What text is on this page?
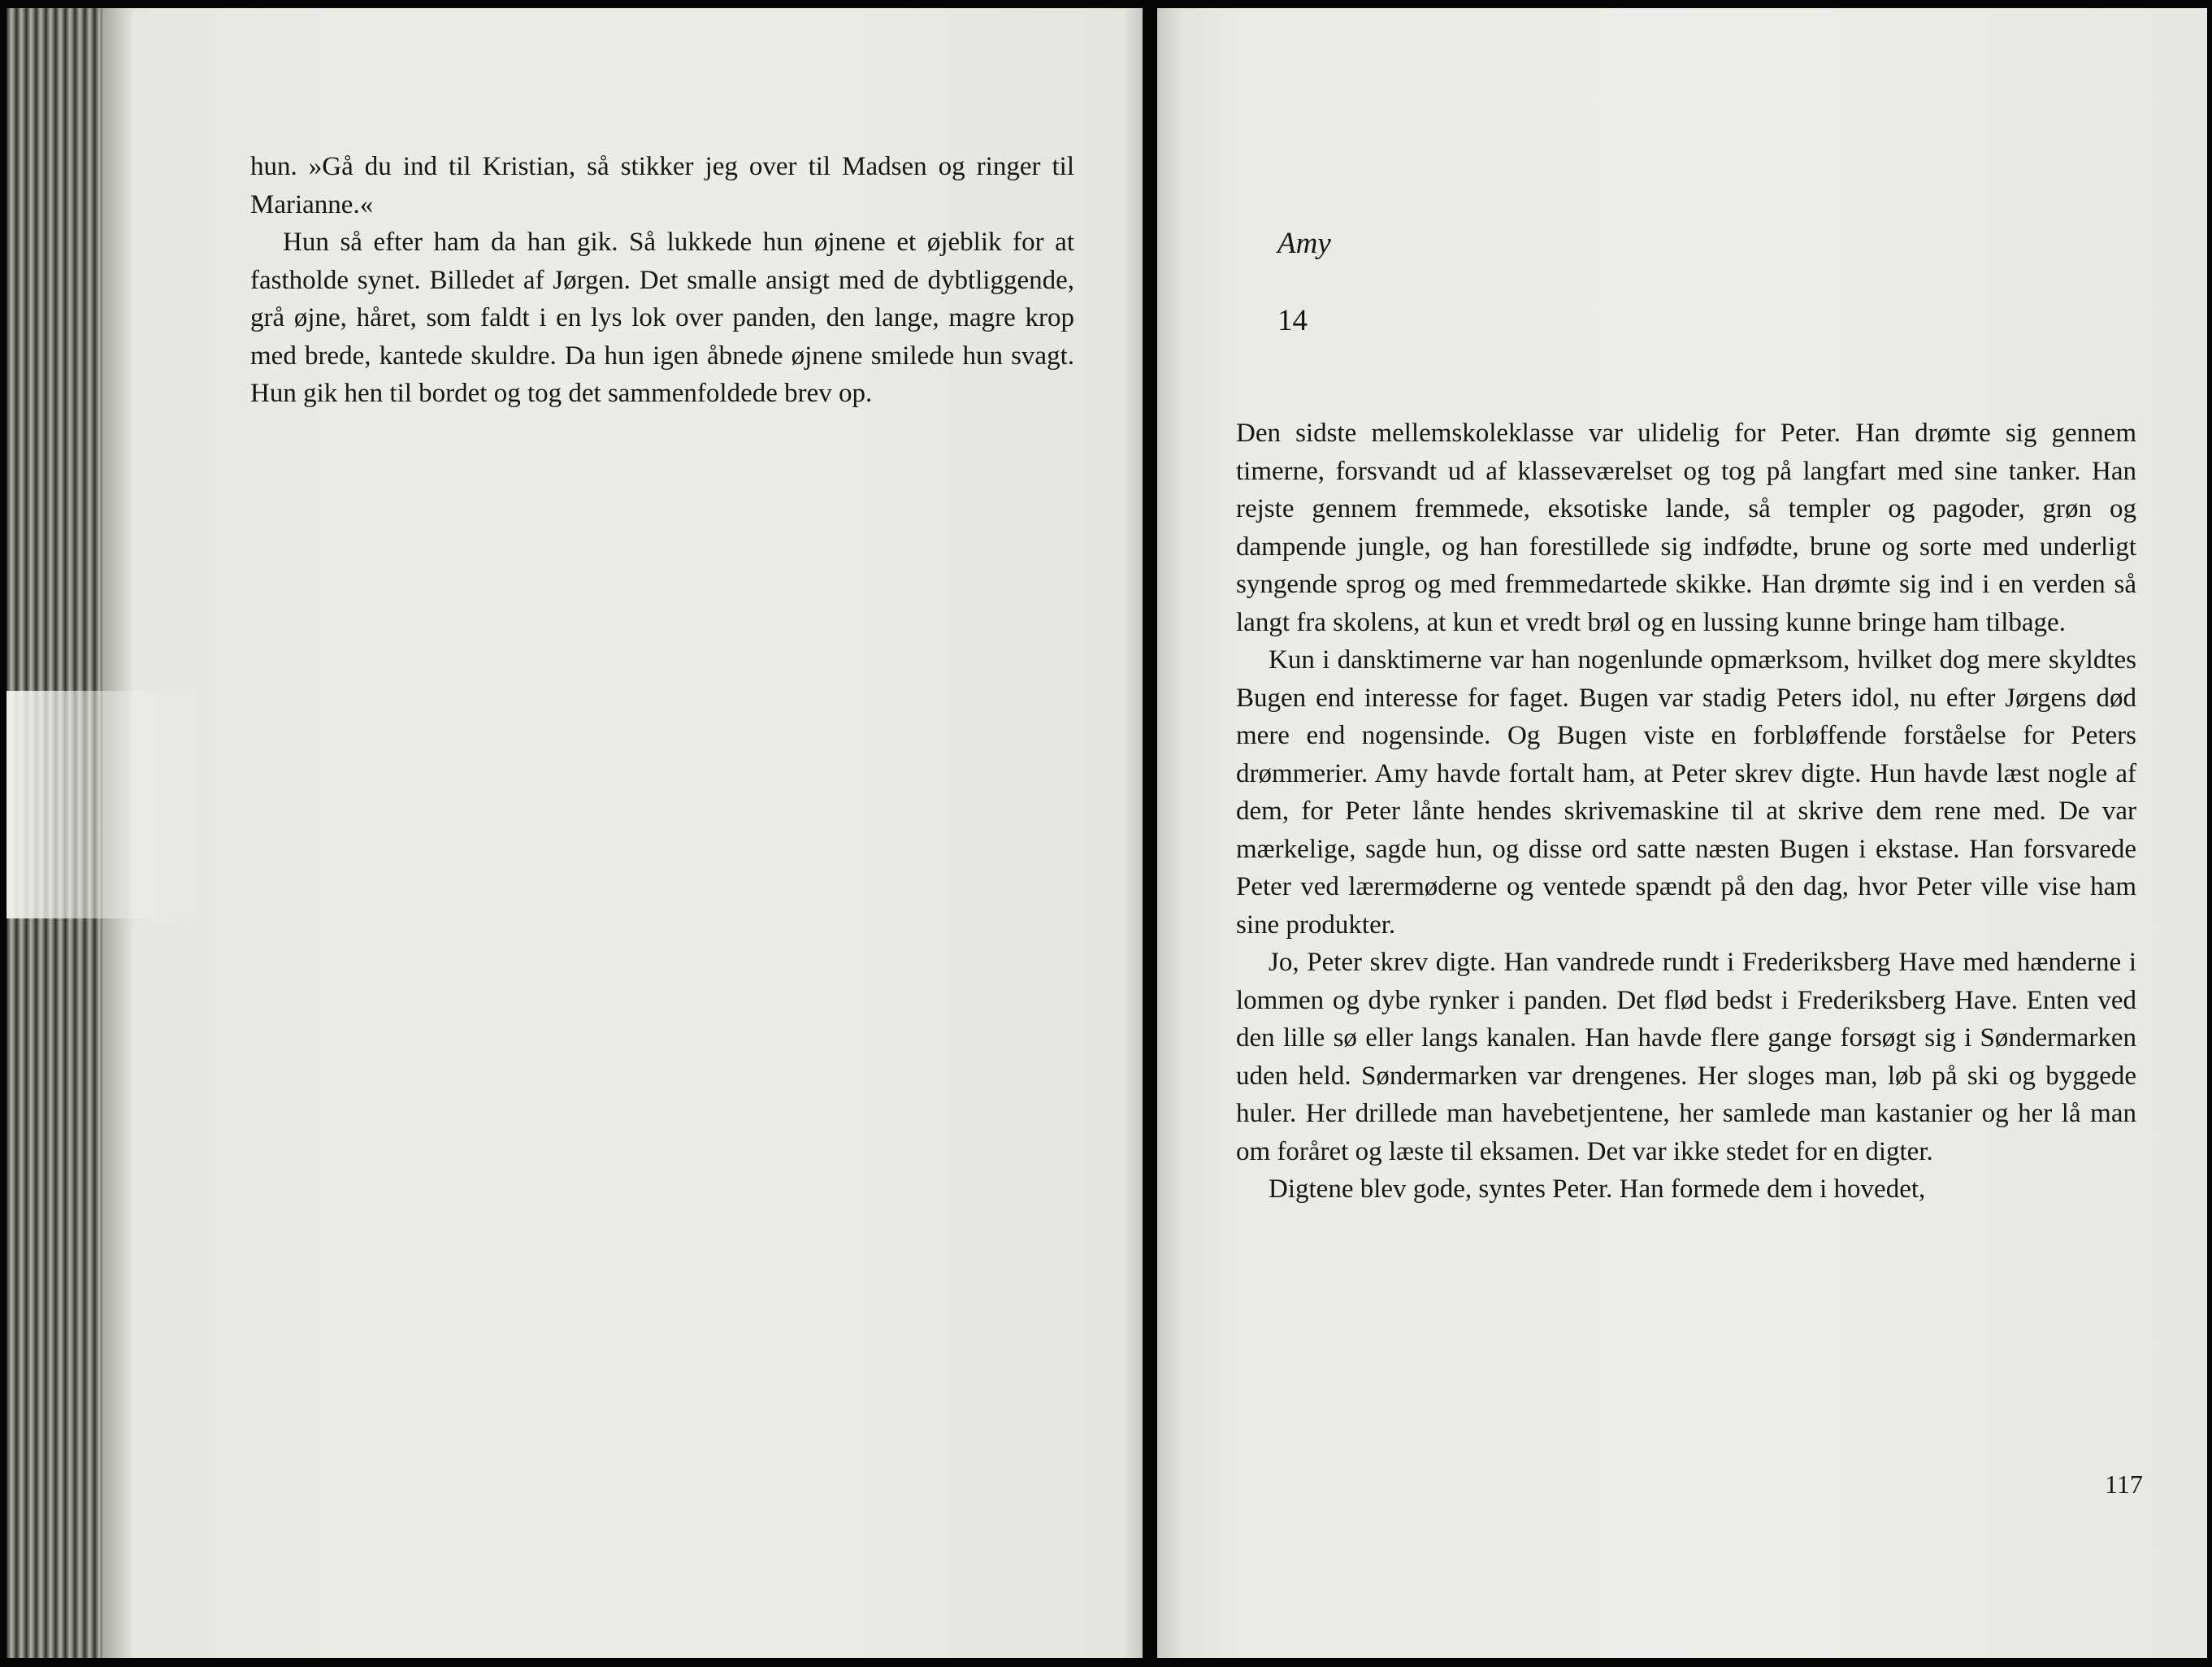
hun. »Gå du ind til Kristian, så stikker jeg over til Madsen og ringer til Marianne.«

Hun så efter ham da han gik. Så lukkede hun øjnene et øjeblik for at fastholde synet. Billedet af Jørgen. Det smalle ansigt med de dybtliggende, grå øjne, håret, som faldt i en lys lok over panden, den lange, magre krop med brede, kantede skuldre. Da hun igen åbnede øjnene smilede hun svagt. Hun gik hen til bordet og tog det sammenfoldede brev op.

Amy
14

Den sidste mellemskoleklasse var ulidelig for Peter. Han drømte sig gennem timerne, forsvandt ud af klasseværelset og tog på langfart med sine tanker. Han rejste gennem fremmede, eksotiske lande, så templer og pagoder, grøn og dampende jungle, og han forestillede sig indfødte, brune og sorte med underligt syngende sprog og med fremmedartede skikke. Han drømte sig ind i en verden så langt fra skolens, at kun et vredt brøl og en lussing kunne bringe ham tilbage.

Kun i dansktimerne var han nogenlunde opmærksom, hvilket dog mere skyldtes Bugen end interesse for faget. Bugen var stadig Peters idol, nu efter Jørgens død mere end nogensinde. Og Bugen viste en forbløffende forståelse for Peters drømmerier. Amy havde fortalt ham, at Peter skrev digte. Hun havde læst nogle af dem, for Peter lånte hendes skrivemaskine til at skrive dem rene med. De var mærkelige, sagde hun, og disse ord satte næsten Bugen i ekstase. Han forsvarede Peter ved lærermøderne og ventede spændt på den dag, hvor Peter ville vise ham sine produkter.

Jo, Peter skrev digte. Han vandrede rundt i Frederiksberg Have med hænderne i lommen og dybe rynker i panden. Det flød bedst i Frederiksberg Have. Enten ved den lille sø eller langs kanalen. Han havde flere gange forsøgt sig i Søndermarken uden held. Søndermarken var drengenes. Her sloges man, løb på ski og byggede huler. Her drillede man havebetjentene, her samlede man kastanier og her lå man om foråret og læste til eksamen. Det var ikke stedet for en digter.

Digtene blev gode, syntes Peter. Han formede dem i hovedet,

117
